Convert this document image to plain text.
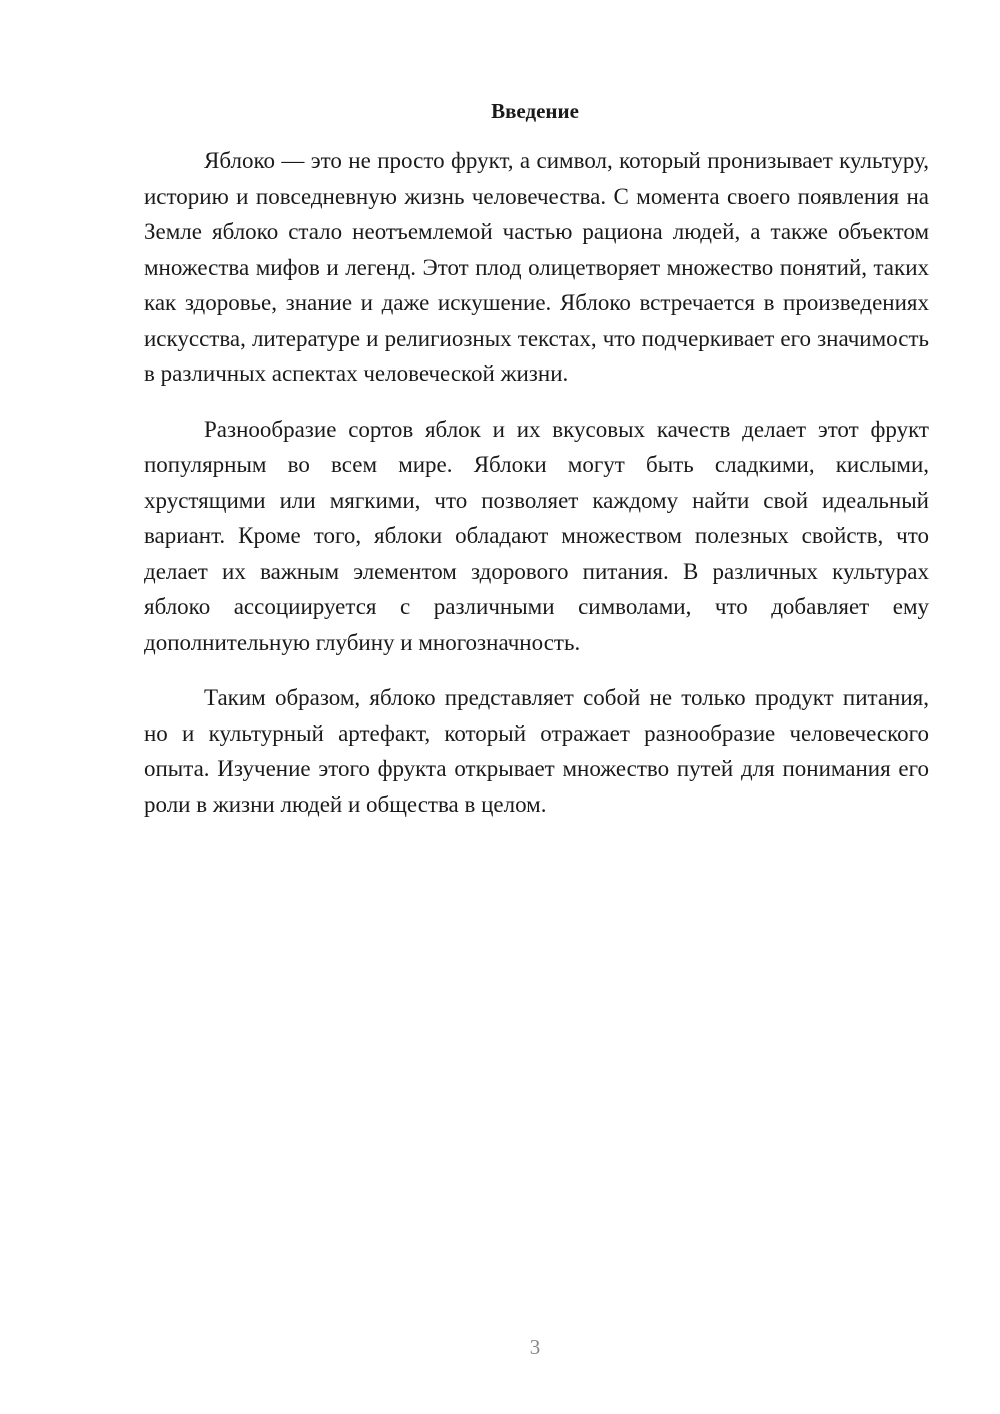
Введение

Яблоко — это не просто фрукт, а символ, который пронизывает культуру, историю и повседневную жизнь человечества. С момента своего появления на Земле яблоко стало неотъемлемой частью рациона людей, а также объектом множества мифов и легенд. Этот плод олицетворяет множество понятий, таких как здоровье, знание и даже искушение. Яблоко встречается в произведениях искусства, литературе и религиозных текстах, что подчеркивает его значимость в различных аспектах человеческой жизни.

Разнообразие сортов яблок и их вкусовых качеств делает этот фрукт популярным во всем мире. Яблоки могут быть сладкими, кислыми, хрустящими или мягкими, что позволяет каждому найти свой идеальный вариант. Кроме того, яблоки обладают множеством полезных свойств, что делает их важным элементом здорового питания. В различных культурах яблоко ассоциируется с различными символами, что добавляет ему дополнительную глубину и многозначность.

Таким образом, яблоко представляет собой не только продукт питания, но и культурный артефакт, который отражает разнообразие человеческого опыта. Изучение этого фрукта открывает множество путей для понимания его роли в жизни людей и общества в целом.

3
